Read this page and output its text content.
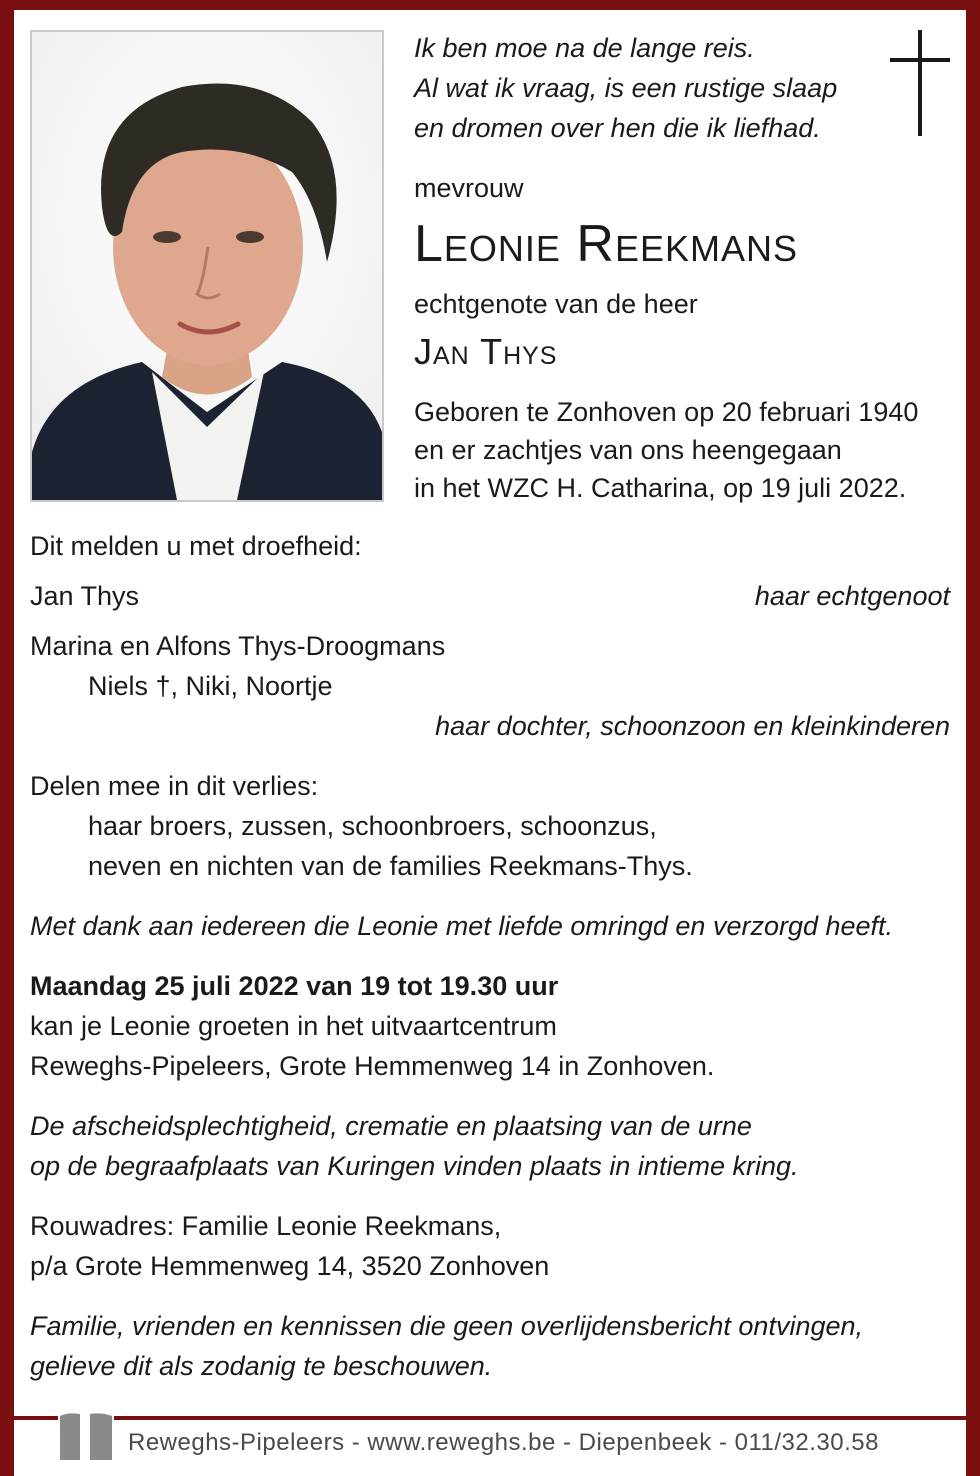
Ik ben moe na de lange reis.
Al wat ik vraag, is een rustige slaap
en dromen over hen die ik liefhad.
mevrouw
Leonie Reekmans
echtgenote van de heer
Jan Thys
Geboren te Zonhoven op 20 februari 1940
en er zachtjes van ons heengegaan
in het WZC H. Catharina, op 19 juli 2022.
Dit melden u met droefheid:
Jan Thys	haar echtgenoot
Marina en Alfons Thys-Droogmans
Niels †, Niki, Noortje
haar dochter, schoonzoon en kleinkinderen
Delen mee in dit verlies:
haar broers, zussen, schoonbroers, schoonzus,
neven en nichten van de families Reekmans-Thys.
Met dank aan iedereen die Leonie met liefde omringd en verzorgd heeft.
Maandag 25 juli 2022 van 19 tot 19.30 uur
kan je Leonie groeten in het uitvaartcentrum
Reweghs-Pipeleers, Grote Hemmenweg 14 in Zonhoven.
De afscheidsplechtigheid, crematie en plaatsing van de urne
op de begraafplaats van Kuringen vinden plaats in intieme kring.
Rouwadres: Familie Leonie Reekmans,
p/a Grote Hemmenweg 14, 3520 Zonhoven
Familie, vrienden en kennissen die geen overlijdensbericht ontvingen,
gelieve dit als zodanig te beschouwen.
Reweghs-Pipeleers - www.reweghs.be - Diepenbeek - 011/32.30.58
